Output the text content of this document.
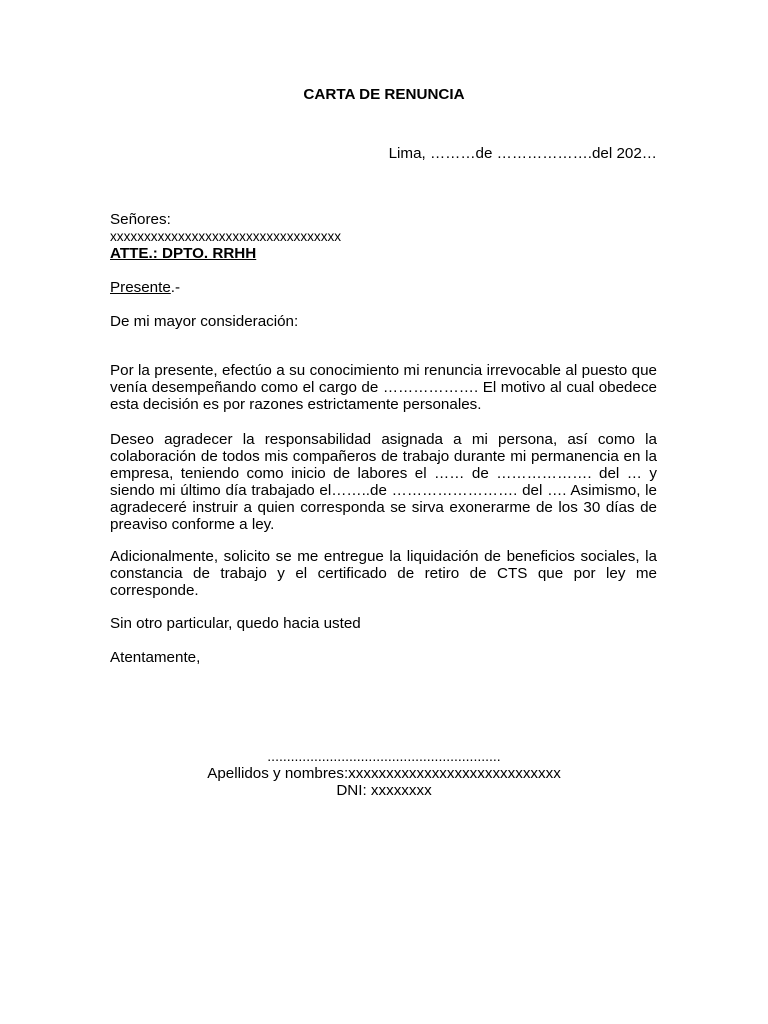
CARTA DE RENUNCIA
Lima, ………de ……………….del 202…
Señores:
xxxxxxxxxxxxxxxxxxxxxxxxxxxxxxxxxx
ATTE.: DPTO. RRHH
Presente.-
De mi mayor consideración:
Por la presente, efectúo a su conocimiento mi renuncia irrevocable al puesto que venía desempeñando como el cargo de ………………. El motivo al cual obedece esta decisión es por razones estrictamente personales.
Deseo agradecer la responsabilidad asignada a mi persona, así como la colaboración de todos mis compañeros de trabajo durante mi permanencia en la empresa, teniendo como inicio de labores el …… de ………………. del … y siendo mi último día trabajado el……..de ……………………. del …. Asimismo, le agradeceré instruir a quien corresponda se sirva exonerarme de los 30 días de preaviso conforme a ley.
Adicionalmente, solicito se me entregue la liquidación de beneficios sociales, la constancia de trabajo y el certificado de retiro de CTS que por ley me corresponde.
Sin otro particular, quedo hacia usted
Atentamente,
............................................................
Apellidos y nombres:xxxxxxxxxxxxxxxxxxxxxxxxxxxx
DNI: xxxxxxxx
